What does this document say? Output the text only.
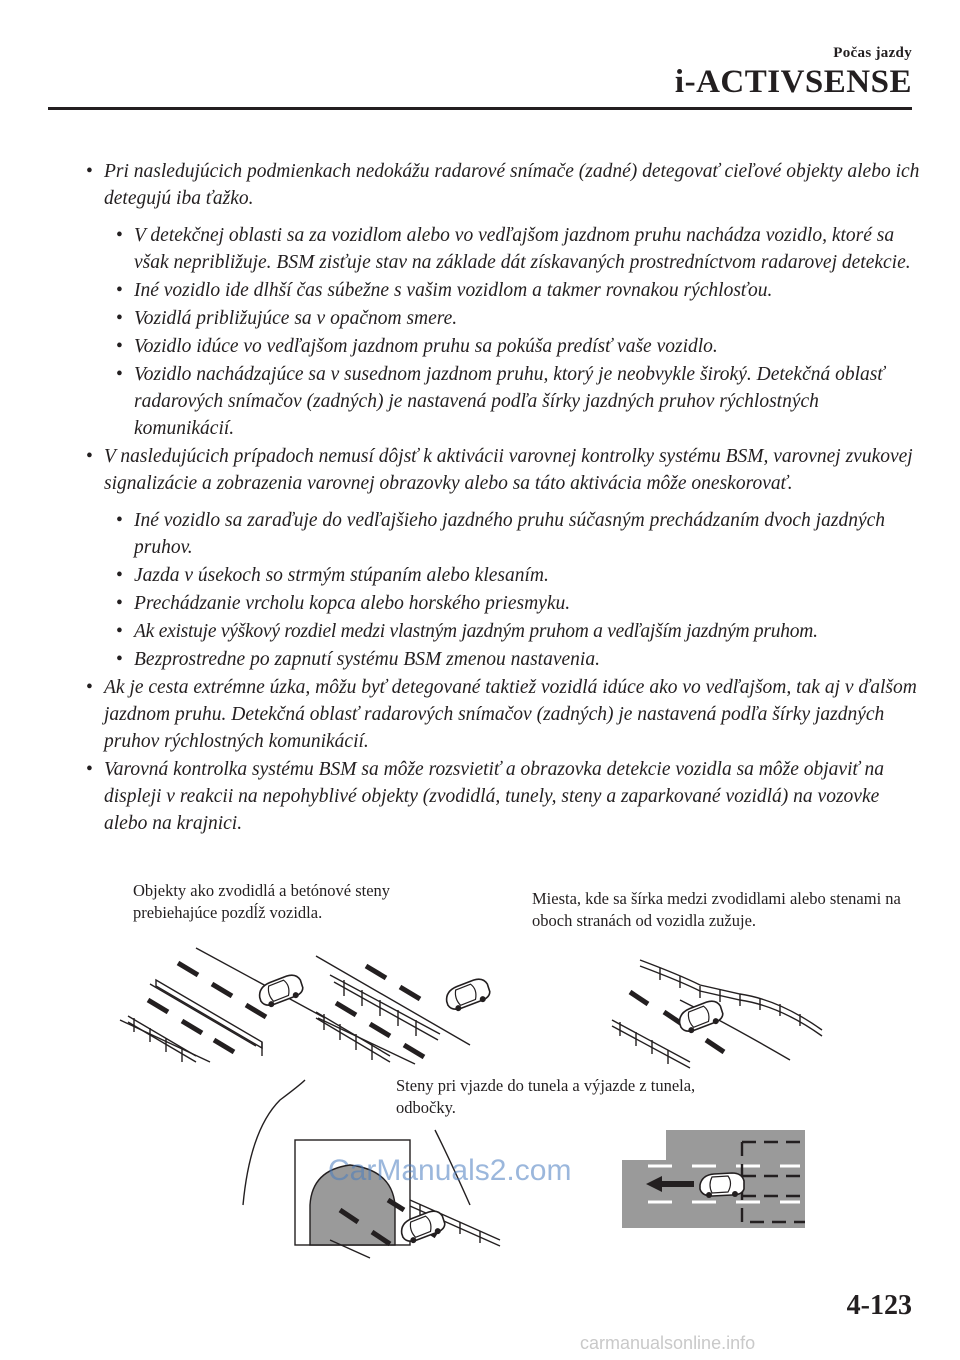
Počas jazdy
i-ACTIVSENSE
• Pri nasledujúcich podmienkach nedokážu radarové snímače (zadné) detegovať cieľové objekty alebo ich detegujú iba ťažko.
• V detekčnej oblasti sa za vozidlom alebo vo vedľajšom jazdnom pruhu nachádza vozidlo, ktoré sa však nepribližuje. BSM zisťuje stav na základe dát získavaných prostredníctvom radarovej detekcie.
• Iné vozidlo ide dlhší čas súbežne s vašim vozidlom a takmer rovnakou rýchlosťou.
• Vozidlá približujúce sa v opačnom smere.
• Vozidlo idúce vo vedľajšom jazdnom pruhu sa pokúša predísť vaše vozidlo.
• Vozidlo nachádzajúce sa v susednom jazdnom pruhu, ktorý je neobvykle široký. Detekčná oblasť radarových snímačov (zadných) je nastavená podľa šírky jazdných pruhov rýchlostných komunikácií.
• V nasledujúcich prípadoch nemusí dôjsť k aktivácii varovnej kontrolky systému BSM, varovnej zvukovej signalizácie a zobrazenia varovnej obrazovky alebo sa táto aktivácia môže oneskorovať.
• Iné vozidlo sa zaraďuje do vedľajšieho jazdného pruhu súčasným prechádzaním dvoch jazdných pruhov.
• Jazda v úsekoch so strmým stúpaním alebo klesaním.
• Prechádzanie vrcholu kopca alebo horského priesmyku.
• Ak existuje výškový rozdiel medzi vlastným jazdným pruhom a vedľajším jazdným pruhom.
• Bezprostredne po zapnutí systému BSM zmenou nastavenia.
• Ak je cesta extrémne úzka, môžu byť detegované taktiež vozidlá idúce ako vo vedľajšom, tak aj v ďalšom jazdnom pruhu. Detekčná oblasť radarových snímačov (zadných) je nastavená podľa šírky jazdných pruhov rýchlostných komunikácií.
• Varovná kontrolka systému BSM sa môže rozsvietiť a obrazovka detekcie vozidla sa môže objaviť na displeji v reakcii na nepohyblivé objekty (zvodidlá, tunely, steny a zaparkované vozidlá) na vozovke alebo na krajnici.
Objekty ako zvodidlá a betónové steny prebiehajúce pozdĺž vozidla.
Miesta, kde sa šírka medzi zvodidlami alebo stenami na oboch stranách od vozidla zužuje.
Steny pri vjazde do tunela a výjazde z tunela, odbočky.
CarManuals2.com
4-123
carmanualsonline.info
